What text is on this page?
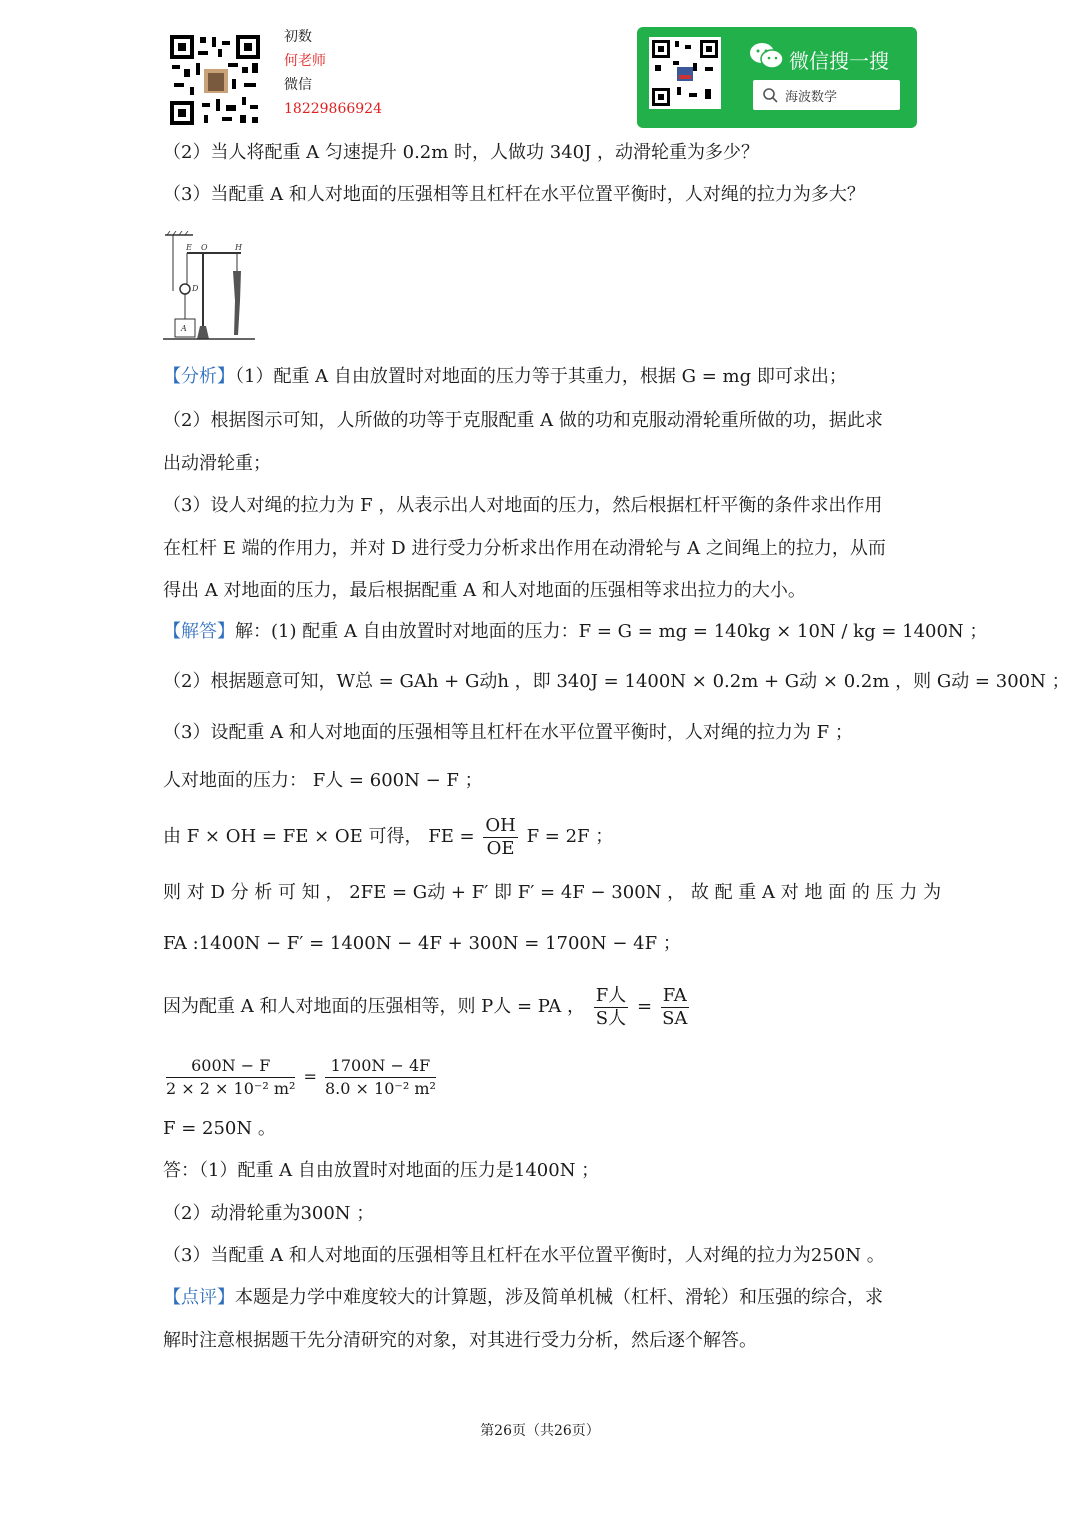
初数
何老师
微信
18229866924
微信搜一搜
海波数学
（2）当人将配重 A 匀速提升 0.2m 时，人做功 340J ，动滑轮重为多少？
（3）当配重 A 和人对地面的压强相等且杠杆在水平位置平衡时，人对绳的拉力为多大？
E O	H
D
A
【分析】（1）配重 A 自由放置时对地面的压力等于其重力，根据 G = mg 即可求出；
（2）根据图示可知，人所做的功等于克服配重 A 做的功和克服动滑轮重所做的功，据此求
出动滑轮重；
（3）设人对绳的拉力为 F ，从表示出人对地面的压力，然后根据杠杆平衡的条件求出作用
在杠杆 E 端的作用力，并对 D 进行受力分析求出作用在动滑轮与 A 之间绳上的拉力，从而
得出 A 对地面的压力，最后根据配重 A 和人对地面的压强相等求出拉力的大小。
【解答】解：(1) 配重 A 自由放置时对地面的压力：F = G = mg = 140kg × 10N / kg = 1400N ；
（2）根据题意可知，W总 = GAh + G动h ，即 340J = 1400N × 0.2m + G动 × 0.2m ，则 G动 = 300N ；
（3）设配重 A 和人对地面的压强相等且杠杆在水平位置平衡时，人对绳的拉力为 F ；
人对地面的压力： F人 = 600N − F ；
由 F × OH = FE × OE 可得， FE = $\frac{OH}{OE}$ F = 2F ；
则 对 D 分 析 可 知 ， 2FE = G动 + F′ 即 F′ = 4F − 300N ， 故 配 重 A 对 地 面 的 压 力 为
FA :1400N − F′ = 1400N − 4F + 300N = 1700N − 4F ；
因为配重 A 和人对地面的压强相等，则 P人 = PA ， $\frac{\text{F人}}{\text{S人}} = \frac{FA}{SA}$
$\frac{600N - F}{\text{2 × 2 × 10⁻² m²}} = \frac{1700N - 4F}{\text{8.0 × 10⁻² m²}}$
F = 250N 。
答：（1）配重 A 自由放置时对地面的压力是1400N ；
（2）动滑轮重为300N ；
（3）当配重 A 和人对地面的压强相等且杠杆在水平位置平衡时，人对绳的拉力为250N 。
【点评】本题是力学中难度较大的计算题，涉及简单机械（杠杆、滑轮）和压强的综合，求
解时注意根据题干先分清研究的对象，对其进行受力分析，然后逐个解答。
第26页（共26页）
